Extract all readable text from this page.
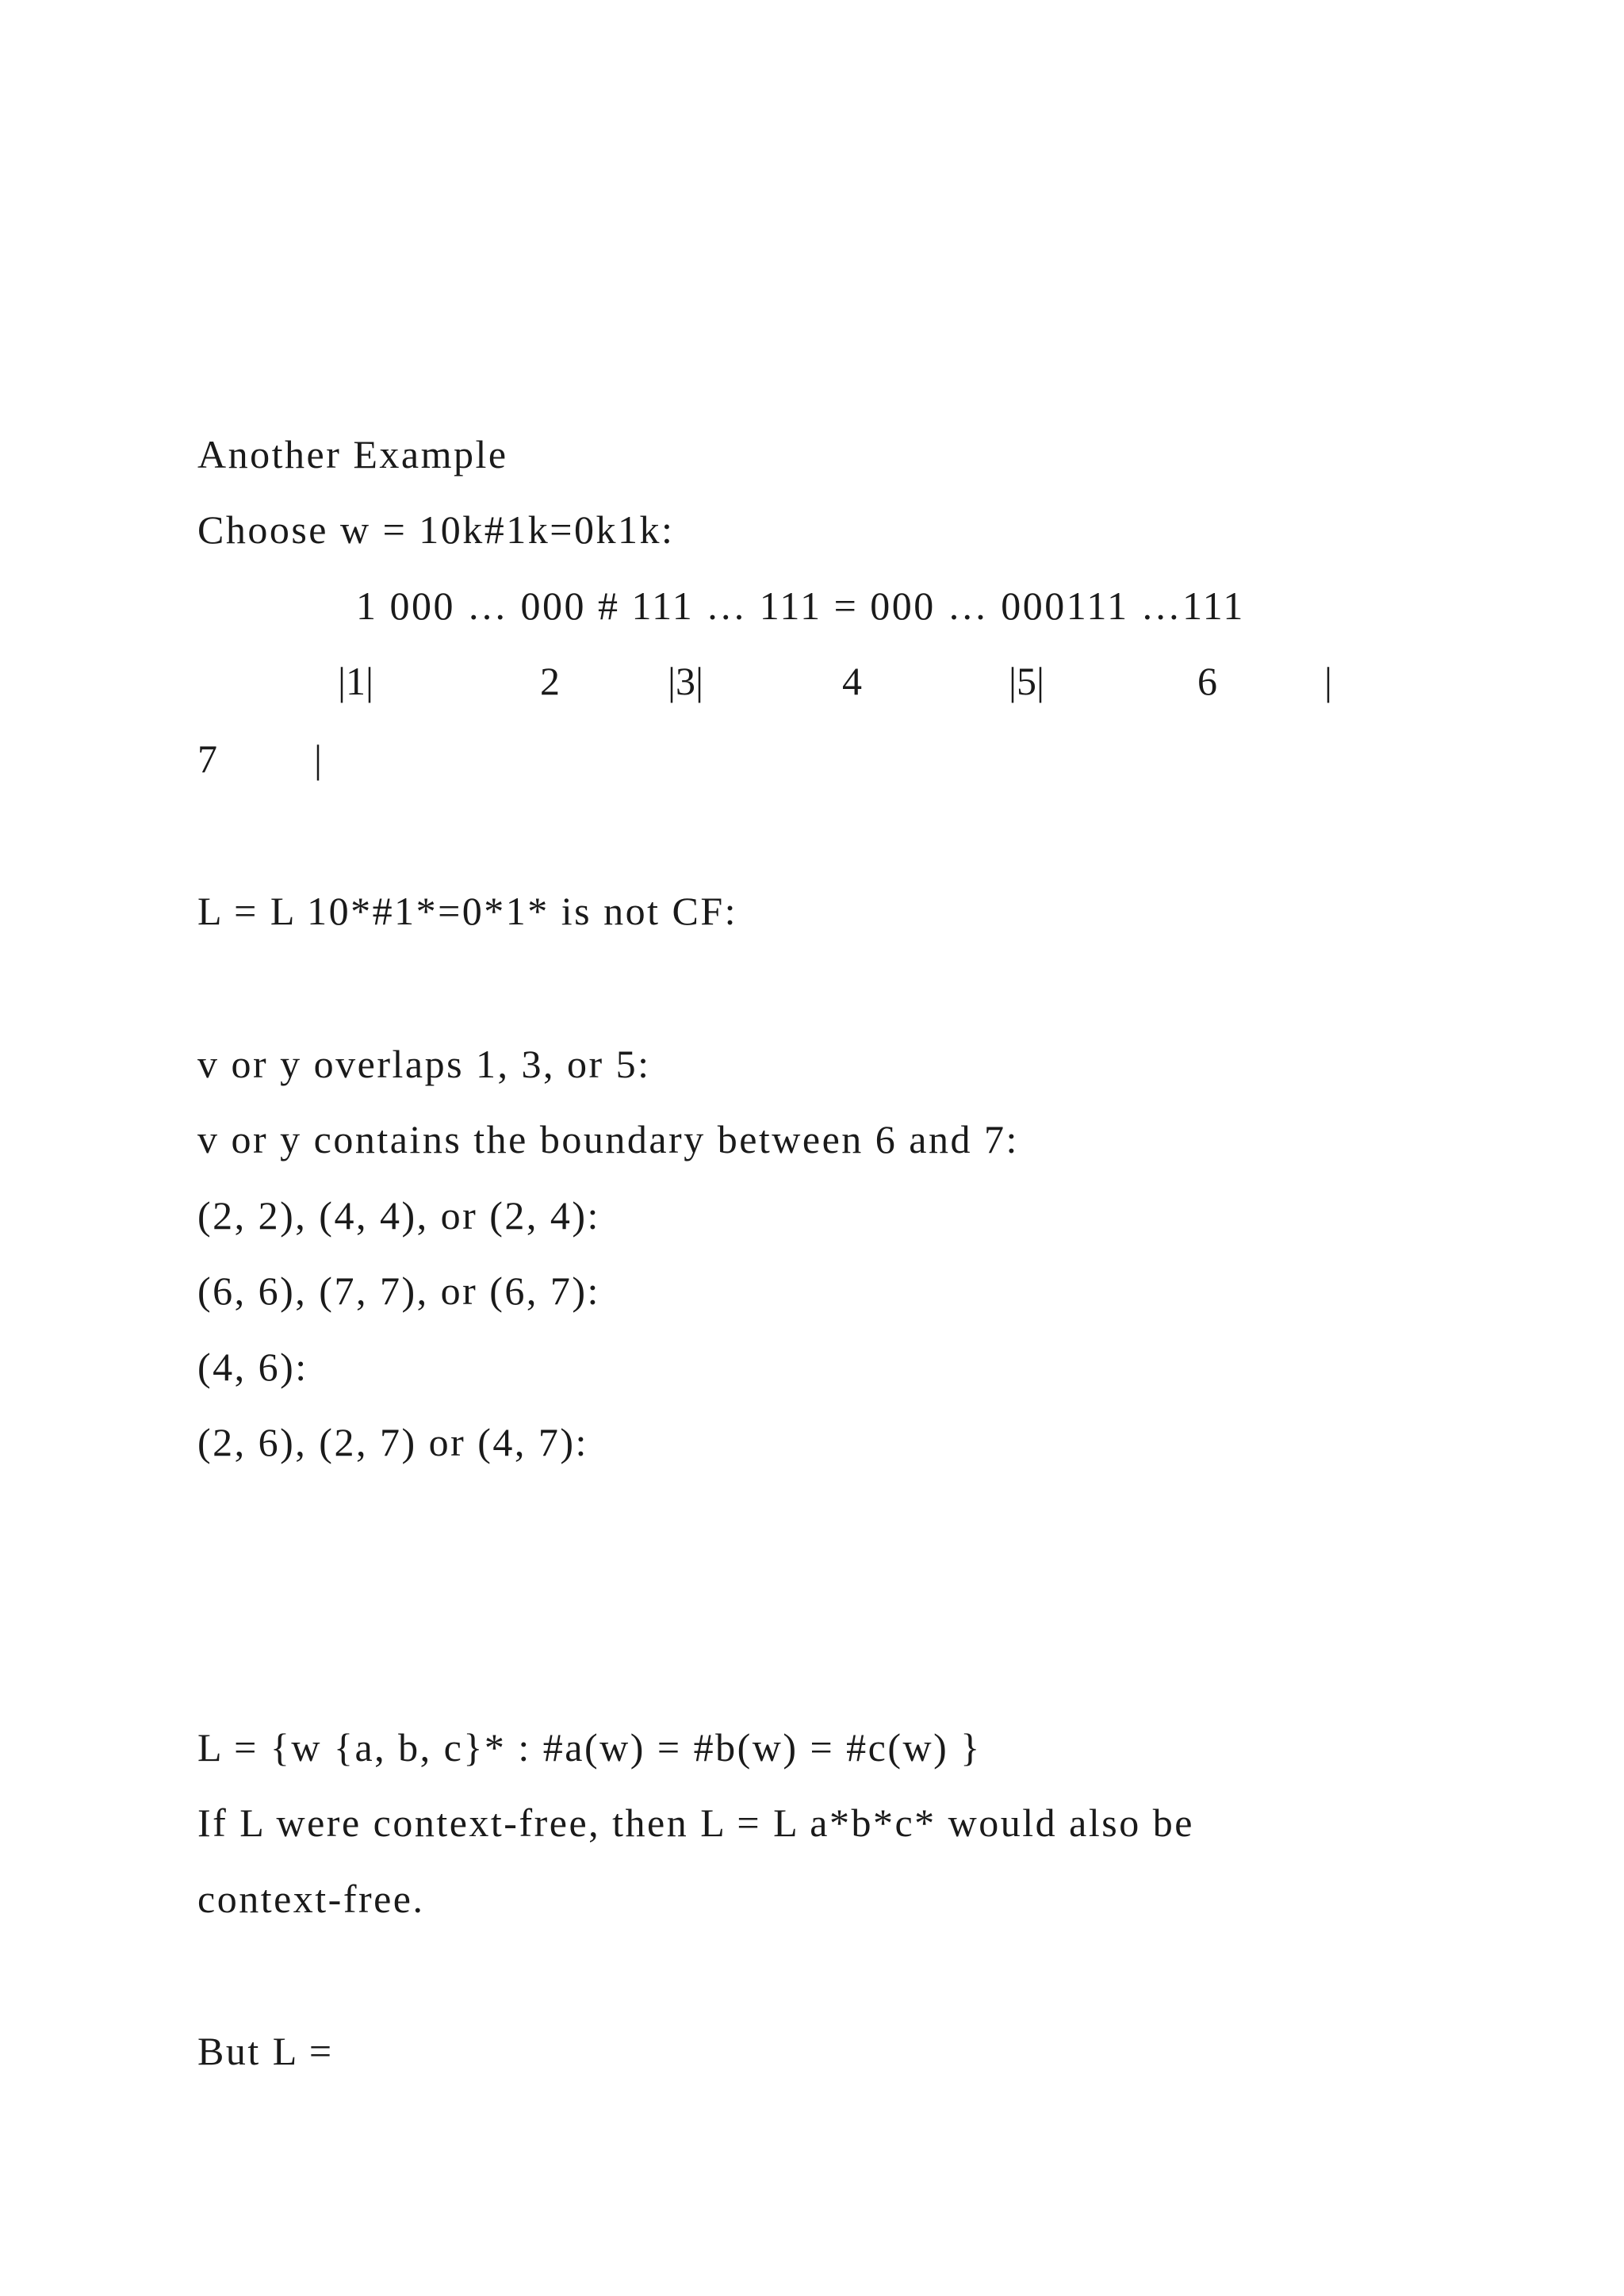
Another Example
Choose w = 10k#1k=0k1k:
1 000 … 000 # 111 … 111 = 000 … 000111 …111
|1|	2	|3|	4	|5|	6	|
7 |
L = L 10*#1*=0*1* is not CF:
v or y overlaps 1, 3, or 5:
v or y contains the boundary between 6 and 7:
(2, 2), (4, 4), or (2, 4):
(6, 6), (7, 7), or (6, 7):
(4, 6):
(2, 6), (2, 7) or (4, 7):
L = {w {a, b, c}* : #a(w) = #b(w) = #c(w) }
If L were context-free, then L = L a*b*c* would also be
context-free.
But L =
